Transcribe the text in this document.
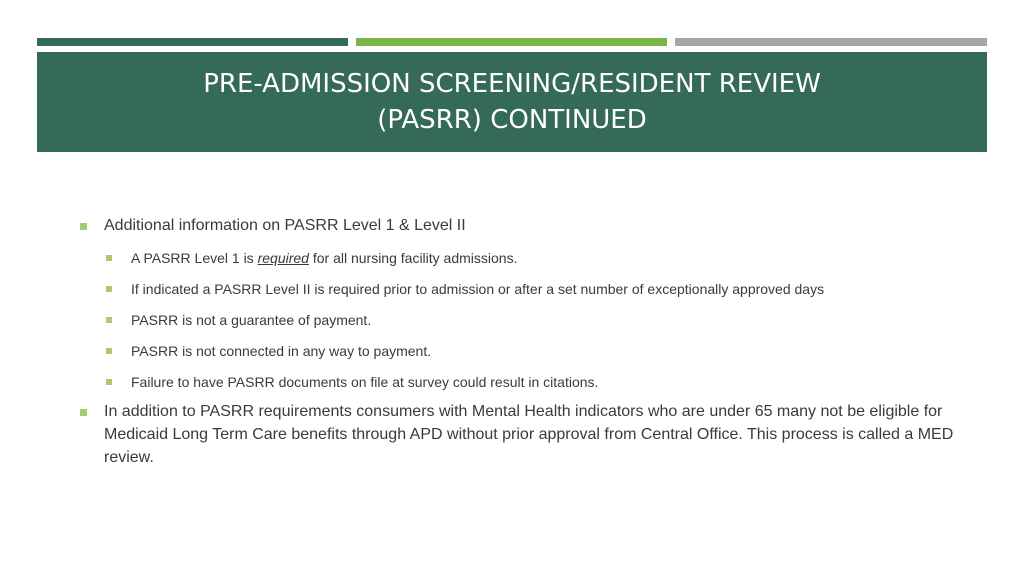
PRE-ADMISSION SCREENING/RESIDENT REVIEW
(PASRR) CONTINUED
Additional information on PASRR Level 1 & Level II
A PASRR Level 1 is required for all nursing facility admissions.
If indicated a PASRR Level II is required prior to admission or after a set number of exceptionally approved days
PASRR is not a guarantee of payment.
PASRR is not connected in any way to payment.
Failure to have PASRR documents on file at survey could result in citations.
In addition to PASRR requirements consumers with Mental Health indicators who are under 65 many not be eligible for Medicaid Long Term Care benefits through APD without prior approval from Central Office. This process is called a MED review.
